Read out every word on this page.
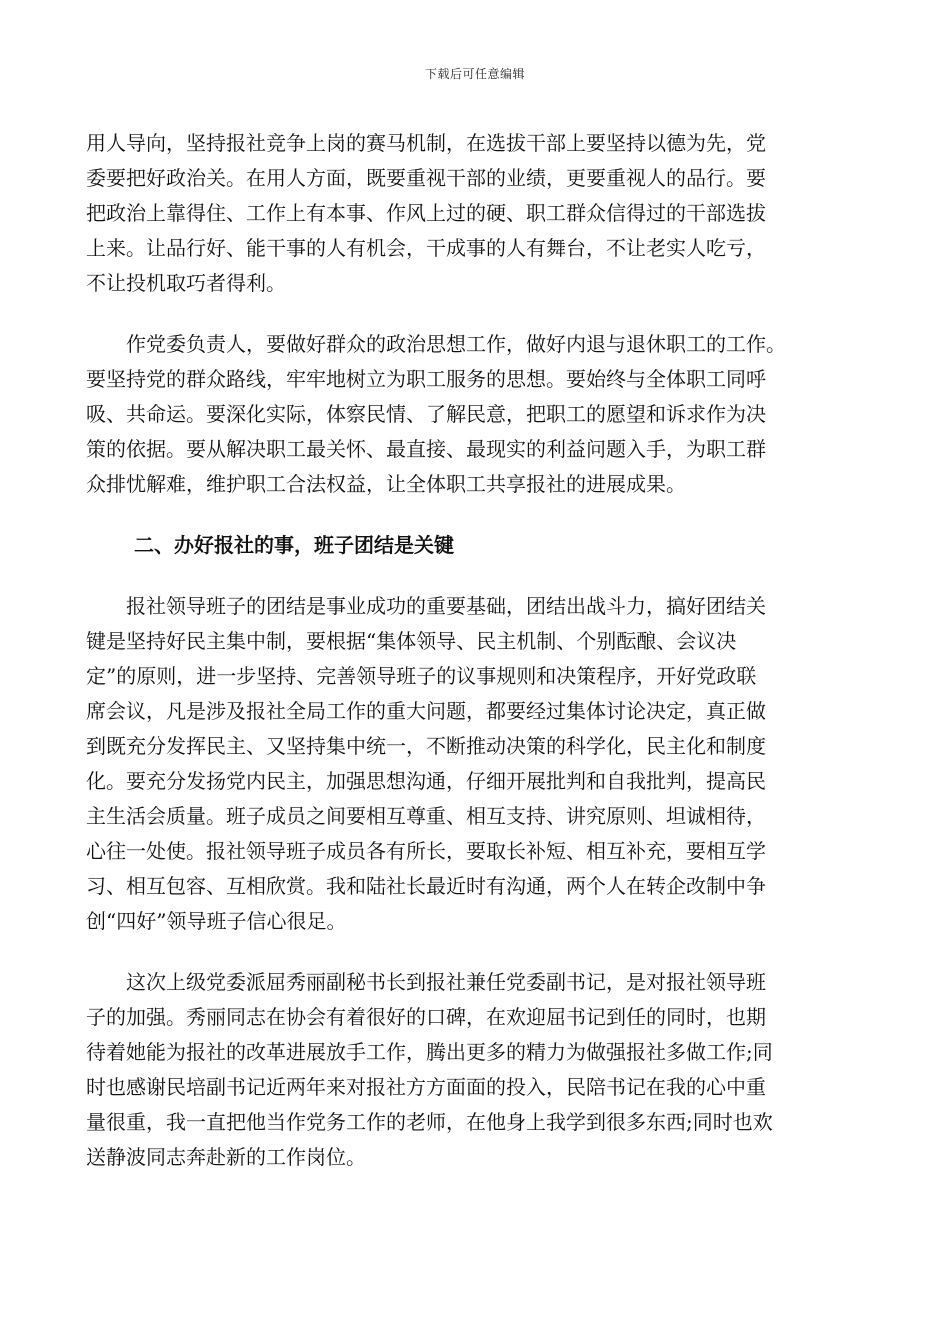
下载后可任意编辑

用人导向，坚持报社竞争上岗的赛马机制，在选拔干部上要坚持以德为先，党
委要把好政治关。在用人方面，既要重视干部的业绩，更要重视人的品行。要
把政治上靠得住、工作上有本事、作风上过的硬、职工群众信得过的干部选拔
上来。让品行好、能干事的人有机会，干成事的人有舞台，不让老实人吃亏，
不让投机取巧者得利。

　　作党委负责人，要做好群众的政治思想工作，做好内退与退休职工的工作。
要坚持党的群众路线，牢牢地树立为职工服务的思想。要始终与全体职工同呼
吸、共命运。要深化实际，体察民情、了解民意，把职工的愿望和诉求作为决
策的依据。要从解决职工最关怀、最直接、最现实的利益问题入手，为职工群
众排忧解难，维护职工合法权益，让全体职工共享报社的进展成果。

二、办好报社的事，班子团结是关键

　　报社领导班子的团结是事业成功的重要基础，团结出战斗力，搞好团结关
键是坚持好民主集中制，要根据“集体领导、民主机制、个别酝酿、会议决
定”的原则，进一步坚持、完善领导班子的议事规则和决策程序，开好党政联
席会议，凡是涉及报社全局工作的重大问题，都要经过集体讨论决定，真正做
到既充分发挥民主、又坚持集中统一，不断推动决策的科学化，民主化和制度
化。要充分发扬党内民主，加强思想沟通，仔细开展批判和自我批判，提高民
主生活会质量。班子成员之间要相互尊重、相互支持、讲究原则、坦诚相待，
心往一处使。报社领导班子成员各有所长，要取长补短、相互补充，要相互学
习、相互包容、互相欣赏。我和陆社长最近时有沟通，两个人在转企改制中争
创“四好”领导班子信心很足。

　　这次上级党委派屈秀丽副秘书长到报社兼任党委副书记，是对报社领导班
子的加强。秀丽同志在协会有着很好的口碑，在欢迎屈书记到任的同时，也期
待着她能为报社的改革进展放手工作，腾出更多的精力为做强报社多做工作;同
时也感谢民培副书记近两年来对报社方方面面的投入，民陪书记在我的心中重
量很重，我一直把他当作党务工作的老师，在他身上我学到很多东西;同时也欢
送静波同志奔赴新的工作岗位。
